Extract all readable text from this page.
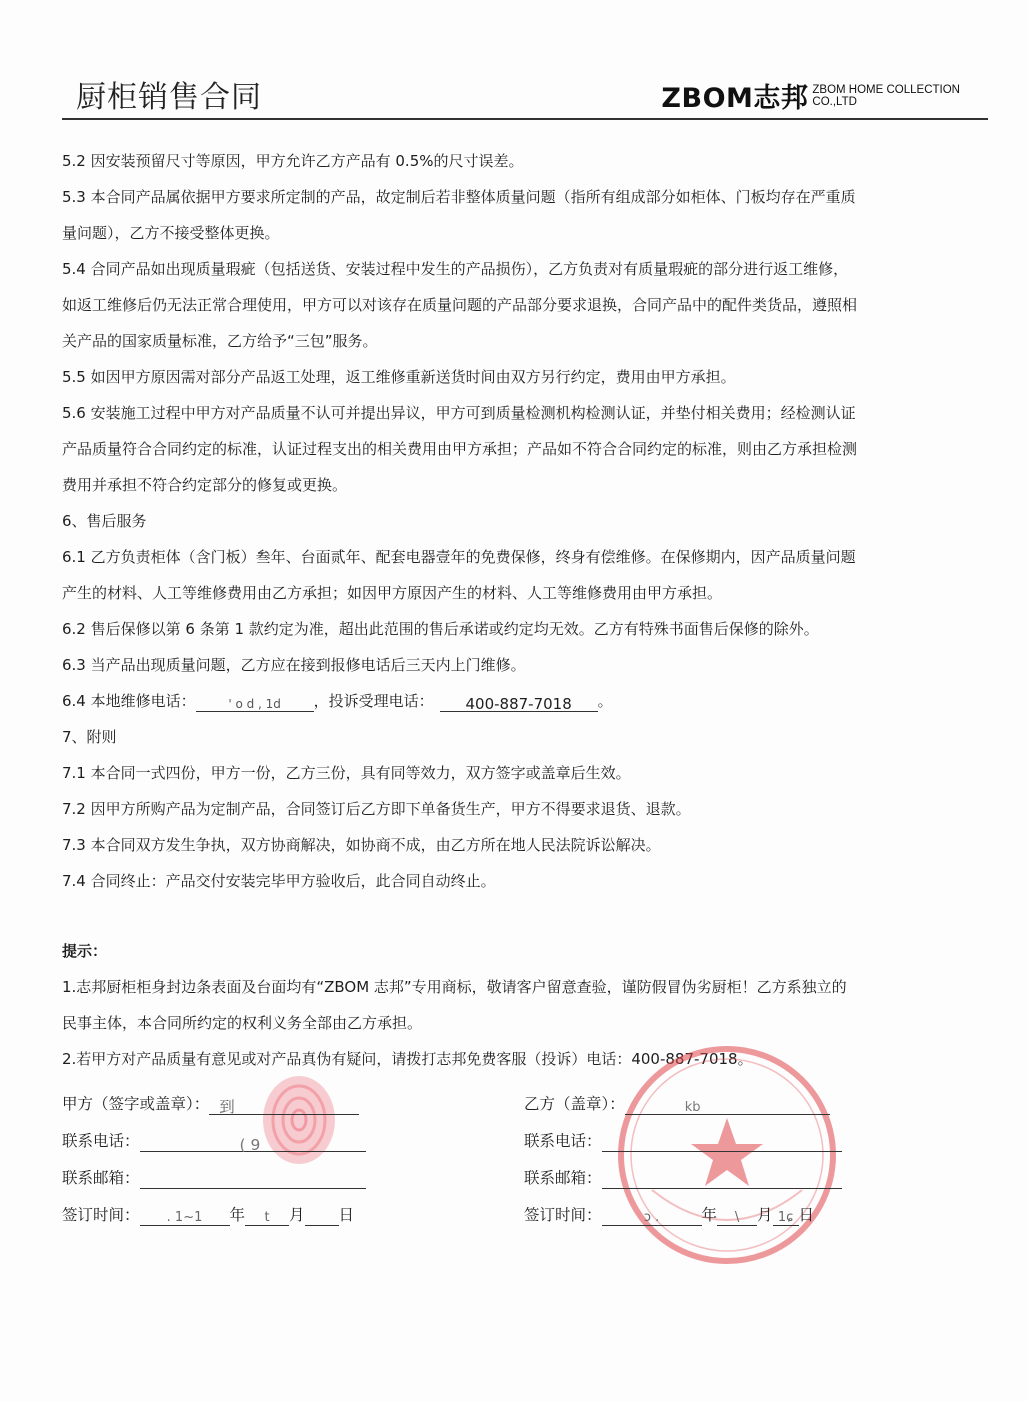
厨柜销售合同	ZBOM志邦 ZBOM HOME COLLECTION
CO.,LTD
5.2 因安装预留尺寸等原因，甲方允许乙方产品有 0.5%的尺寸误差。
5.3 本合同产品属依据甲方要求所定制的产品，故定制后若非整体质量问题（指所有组成部分如柜体、门板均存在严重质
量问题），乙方不接受整体更换。
5.4 合同产品如出现质量瑕疵（包括送货、安装过程中发生的产品损伤），乙方负责对有质量瑕疵的部分进行返工维修，
如返工维修后仍无法正常合理使用，甲方可以对该存在质量问题的产品部分要求退换，合同产品中的配件类货品，遵照相
关产品的国家质量标准，乙方给予“三包”服务。
5.5 如因甲方原因需对部分产品返工处理，返工维修重新送货时间由双方另行约定，费用由甲方承担。
5.6 安装施工过程中甲方对产品质量不认可并提出异议，甲方可到质量检测机构检测认证，并垫付相关费用；经检测认证
产品质量符合合同约定的标准，认证过程支出的相关费用由甲方承担；产品如不符合合同约定的标准，则由乙方承担检测
费用并承担不符合约定部分的修复或更换。
6、售后服务
6.1 乙方负责柜体（含门板）叁年、台面贰年、配套电器壹年的免费保修，终身有偿维修。在保修期内，因产品质量问题
产生的材料、人工等维修费用由乙方承担；如因甲方原因产生的材料、人工等维修费用由甲方承担。
6.2 售后保修以第 6 条第 1 款约定为准，超出此范围的售后承诺或约定均无效。乙方有特殊书面售后保修的除外。
6.3 当产品出现质量问题，乙方应在接到报修电话后三天内上门维修。
6.4 本地维修电话：	' o d , 1d ，投诉受理电话： 400-887-7018 。
7、附则
7.1 本合同一式四份，甲方一份，乙方三份，具有同等效力，双方签字或盖章后生效。
7.2 因甲方所购产品为定制产品，合同签订后乙方即下单备货生产，甲方不得要求退货、退款。
7.3 本合同双方发生争执，双方协商解决，如协商不成，由乙方所在地人民法院诉讼解决。
7.4 合同终止：产品交付安装完毕甲方验收后，此合同自动终止。
提示：
1.志邦厨柜柜身封边条表面及台面均有“ZBOM 志邦”专用商标，敬请客户留意查验，谨防假冒伪劣厨柜！乙方系独立的
民事主体，本合同所约定的权利义务全部由乙方承担。
2.若甲方对产品质量有意见或对产品真伪有疑问，请拨打志邦免费客服（投诉）电话：400-887-7018。
甲方（签字或盖章）： 到
联系电话：	( 9
联系邮箱：
签订时间： . 1~1 年 t 月 日
乙方（盖章）：	kb
联系电话：
联系邮箱：
签订时间：	ɔ .	年 \ 月 1ɕ 日
